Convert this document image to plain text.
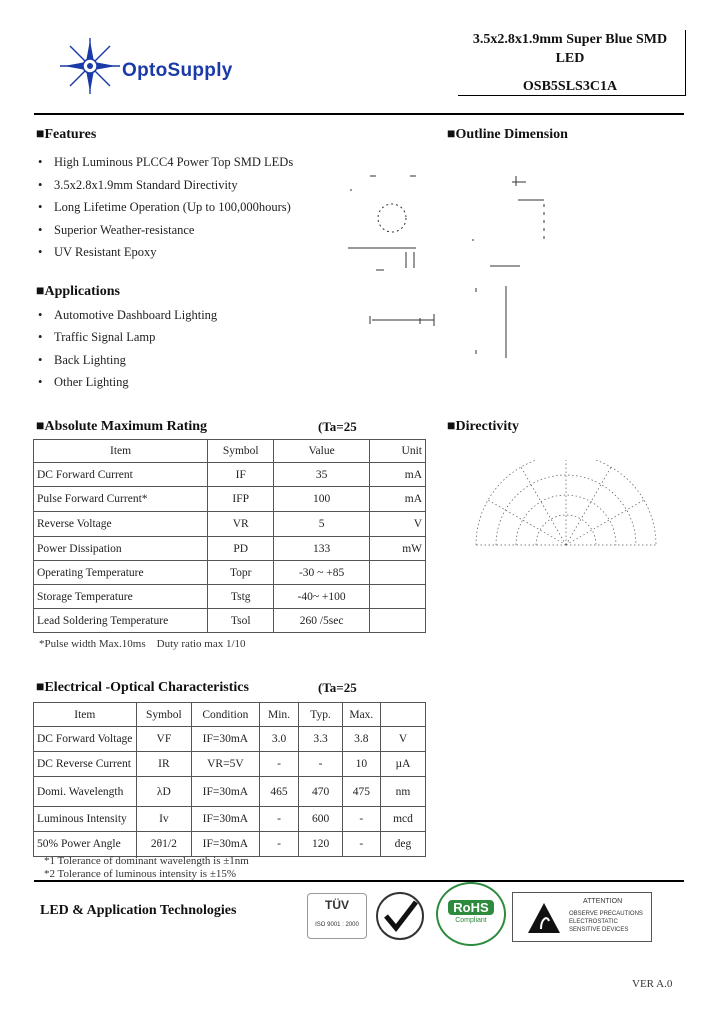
OptoSupply
3.5x2.8x1.9mm Super Blue SMD
LED
OSB5SLS3C1A
■Features
• High Luminous PLCC4 Power Top SMD LEDs
• 3.5x2.8x1.9mm Standard Directivity
• Long Lifetime Operation (Up to 100,000hours)
• Superior Weather-resistance
• UV Resistant Epoxy
■Applications
• Automotive Dashboard Lighting
• Traffic Signal Lamp
• Back Lighting
• Other Lighting
■Outline Dimension
■Absolute Maximum Rating	(Ta=25
Item	Symbol	Value	Unit
DC Forward Current	IF	35	mA
Pulse Forward Current*	IFP	100	mA
Reverse Voltage	VR	5	V
Power Dissipation	PD	133	mW
Operating Temperature	Topr	-30 ~ +85	
Storage Temperature	Tstg	-40~ +100	
Lead Soldering Temperature	Tsol	260 /5sec	
*Pulse width Max.10ms    Duty ratio max 1/10
■Directivity
■Electrical -Optical Characteristics	(Ta=25
Item	Symbol	Condition	Min.	Typ.	Max.	
DC Forward Voltage	VF	IF=30mA	3.0	3.3	3.8	V
DC Reverse Current	IR	VR=5V	-	-	10	µA
Domi. Wavelength	λD	IF=30mA	465	470	475	nm
Luminous Intensity	Iv	IF=30mA	-	600	-	mcd
50% Power Angle	2θ1/2	IF=30mA	-	120	-	deg
*1 Tolerance of dominant wavelength is ±1nm
*2 Tolerance of luminous intensity is ±15%
LED & Application Technologies	TÜV
ISO 9001 : 2000
RoHS
Compliant
ATTENTION
OBSERVE PRECAUTIONS
ELECTROSTATIC
SENSITIVE DEVICES
VER A.0
